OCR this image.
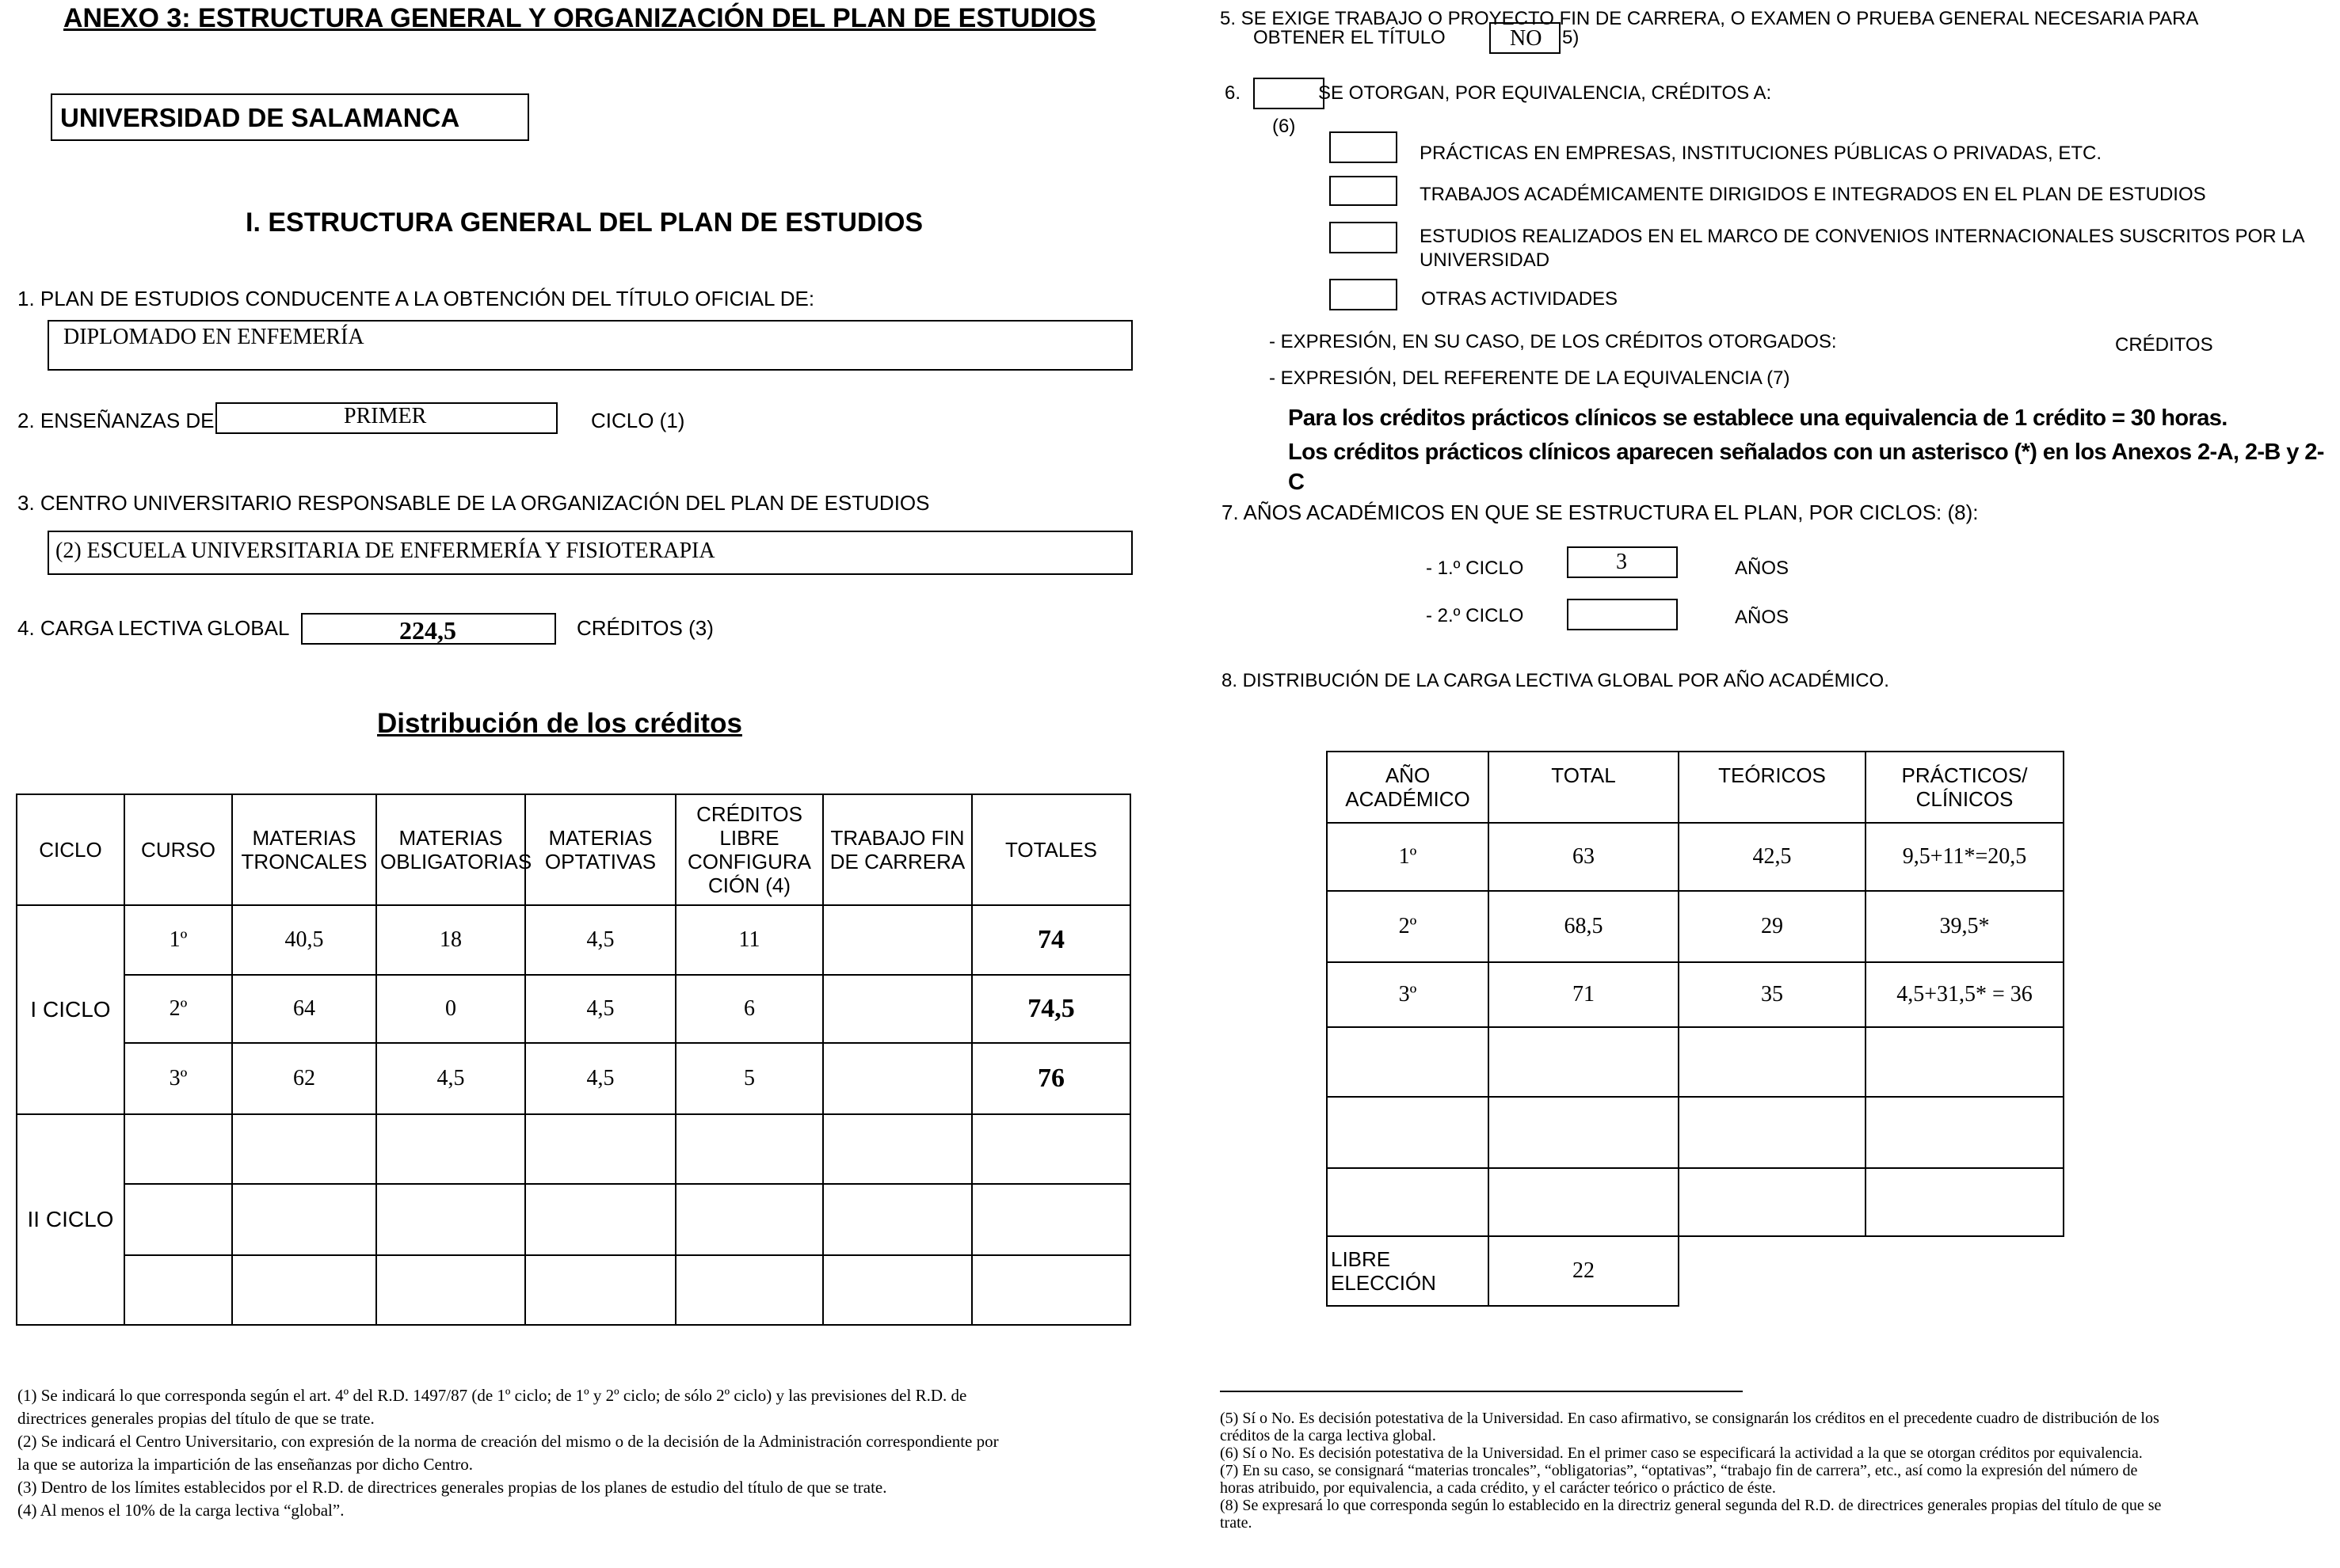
ANEXO 3: ESTRUCTURA GENERAL Y ORGANIZACIÓN DEL PLAN DE ESTUDIOS
UNIVERSIDAD DE SALAMANCA
I. ESTRUCTURA GENERAL DEL PLAN DE ESTUDIOS
1. PLAN DE ESTUDIOS CONDUCENTE A LA OBTENCIÓN DEL TÍTULO OFICIAL DE:
DIPLOMADO EN ENFEMERÍA
2. ENSEÑANZAS DE	PRIMER	CICLO (1)
3. CENTRO UNIVERSITARIO RESPONSABLE DE LA ORGANIZACIÓN DEL PLAN DE ESTUDIOS
(2) ESCUELA UNIVERSITARIA DE ENFERMERÍA Y FISIOTERAPIA
4. CARGA LECTIVA GLOBAL	224,5	CRÉDITOS (3)
Distribución de los créditos
CICLO	CURSO	MATERIAS TRONCALES	MATERIAS OBLIGATORIAS	MATERIAS OPTATIVAS	CRÉDITOS LIBRE CONFIGURA CIÓN (4)	TRABAJO FIN DE CARRERA	TOTALES
I CICLO	1º	40,5	18	4,5	11		74
	2º	64	0	4,5	6		74,5
	3º	62	4,5	4,5	5		76
II CICLO							

(1) Se indicará lo que corresponda según el art. 4º del R.D. 1497/87 (de 1º ciclo; de 1º y 2º ciclo; de sólo 2º ciclo) y las previsiones del R.D. de directrices generales propias del título de que se trate.

(2) Se indicará el Centro Universitario, con expresión de la norma de creación del mismo o de la decisión de la Administración correspondiente por la que se autoriza la impartición de las enseñanzas por dicho Centro.

(3) Dentro de los límites establecidos por el R.D. de directrices generales propias de los planes de estudio del título de que se trate.

(4) Al menos el 10% de la carga lectiva “global”.

5. SE EXIGE TRABAJO O PROYECTO FIN DE CARRERA, O EXAMEN O PRUEBA GENERAL NECESARIA PARA
OBTENER EL TÍTULO	NO 5)
6.	SE OTORGAN, POR EQUIVALENCIA, CRÉDITOS A:
(6)
PRÁCTICAS EN EMPRESAS, INSTITUCIONES PÚBLICAS O PRIVADAS, ETC.
TRABAJOS ACADÉMICAMENTE DIRIGIDOS E INTEGRADOS EN EL PLAN DE ESTUDIOS
ESTUDIOS REALIZADOS EN EL MARCO DE CONVENIOS INTERNACIONALES SUSCRITOS POR LA UNIVERSIDAD
OTRAS ACTIVIDADES
- EXPRESIÓN, EN SU CASO, DE LOS CRÉDITOS OTORGADOS:	CRÉDITOS
- EXPRESIÓN, DEL REFERENTE DE LA EQUIVALENCIA (7)
Para los créditos prácticos clínicos se establece una equivalencia de 1 crédito = 30 horas.
Los créditos prácticos clínicos aparecen señalados con un asterisco (*) en los Anexos 2-A, 2-B y 2-C
7. AÑOS ACADÉMICOS EN QUE SE ESTRUCTURA EL PLAN, POR CICLOS: (8):
- 1.º CICLO	3	AÑOS
- 2.º CICLO	AÑOS
8. DISTRIBUCIÓN DE LA CARGA LECTIVA GLOBAL POR AÑO ACADÉMICO.
AÑO ACADÉMICO	TOTAL	TEÓRICOS	PRÁCTICOS/ CLÍNICOS
1º	63	42,5	9,5+11*=20,5
2º	68,5	29	39,5*
3º	71	35	4,5+31,5* = 36

LIBRE ELECCIÓN	22		

(5) Sí o No. Es decisión potestativa de la Universidad. En caso afirmativo, se consignarán los créditos en el precedente cuadro de distribución de los créditos de la carga lectiva global.

(6) Sí o No. Es decisión potestativa de la Universidad. En el primer caso se especificará la actividad a la que se otorgan créditos por equivalencia.

(7) En su caso, se consignará “materias troncales”, “obligatorias”, “optativas”, “trabajo fin de carrera”, etc., así como la expresión del número de horas atribuido, por equivalencia, a cada crédito, y el carácter teórico o práctico de éste.

(8) Se expresará lo que corresponda según lo establecido en la directriz general segunda del R.D. de directrices generales propias del título de que se trate.
